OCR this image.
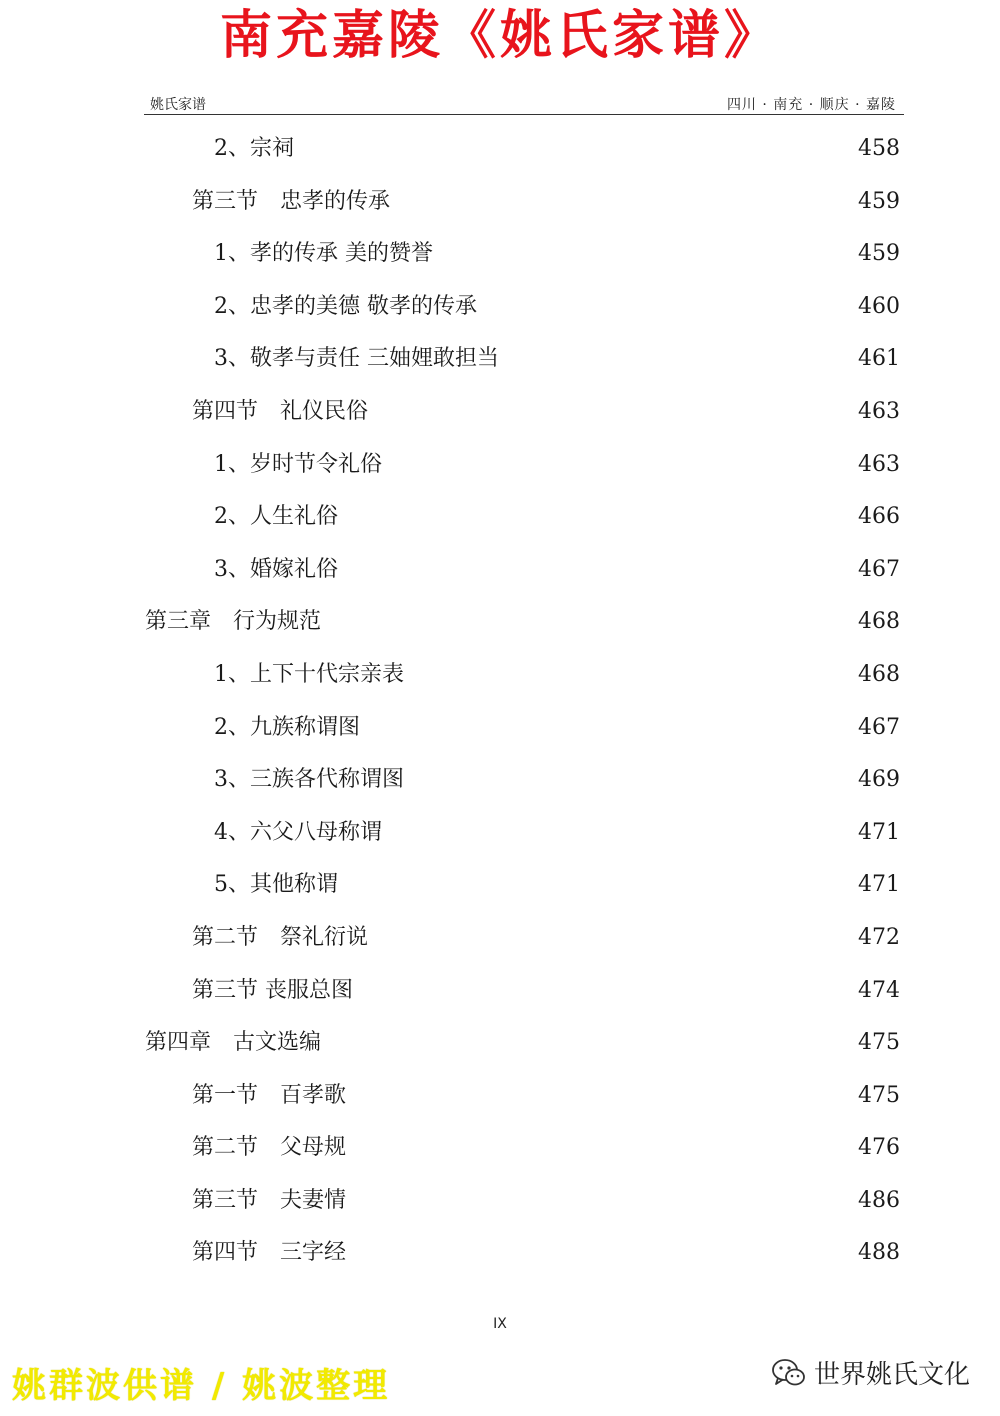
南充嘉陵《姚氏家谱》
姚氏家谱	四川 · 南充 · 顺庆 · 嘉陵
2、宗祠	458
第三节　忠孝的传承	459
1、孝的传承 美的赞誉	459
2、忠孝的美德 敬孝的传承	460
3、敬孝与责任 三妯娌敢担当	461
第四节　礼仪民俗	463
1、岁时节令礼俗	463
2、人生礼俗	466
3、婚嫁礼俗	467
第三章　行为规范	468
1、上下十代宗亲表	468
2、九族称谓图	467
3、三族各代称谓图	469
4、六父八母称谓	471
5、其他称谓	471
第二节　祭礼衍说	472
第三节 丧服总图	474
第四章　古文选编	475
第一节　百孝歌	475
第二节　父母规	476
第三节　夫妻情	486
第四节　三字经	488
IX
姚群波供谱 / 姚波整理	世界姚氏文化
